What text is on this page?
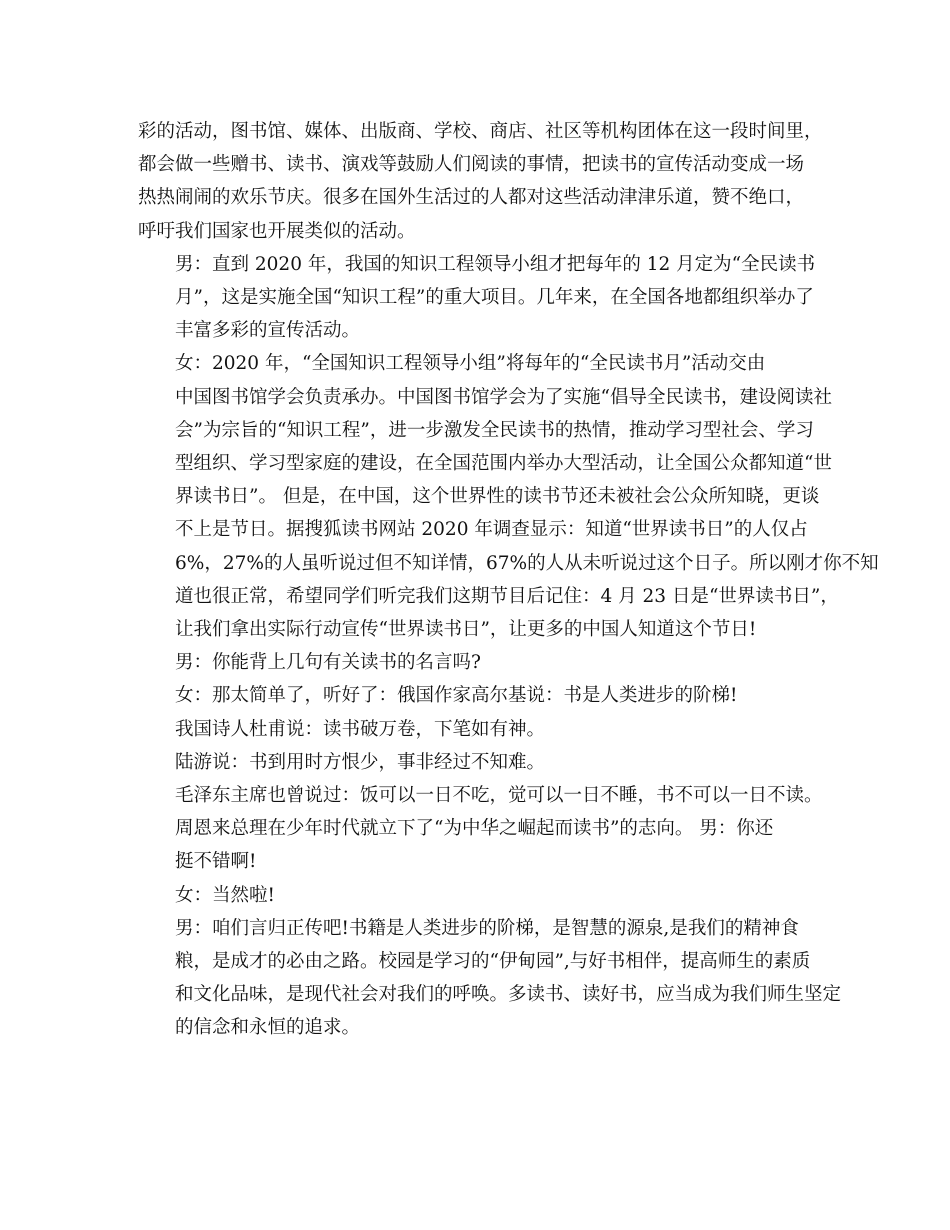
彩的活动，图书馆、媒体、出版商、学校、商店、社区等机构团体在这一段时间里，
都会做一些赠书、读书、演戏等鼓励人们阅读的事情，把读书的宣传活动变成一场
热热闹闹的欢乐节庆。很多在国外生活过的人都对这些活动津津乐道，赞不绝口，
呼吁我们国家也开展类似的活动。
男：直到 2020 年，我国的知识工程领导小组才把每年的 12 月定为“全民读书
月”，这是实施全国“知识工程”的重大项目。几年来，在全国各地都组织举办了
丰富多彩的宣传活动。
女：2020 年，“全国知识工程领导小组”将每年的“全民读书月”活动交由
中国图书馆学会负责承办。中国图书馆学会为了实施“倡导全民读书，建设阅读社
会”为宗旨的“知识工程”，进一步激发全民读书的热情，推动学习型社会、学习
型组织、学习型家庭的建设，在全国范围内举办大型活动，让全国公众都知道“世
界读书日”。 但是，在中国，这个世界性的读书节还未被社会公众所知晓，更谈
不上是节日。据搜狐读书网站 2020 年调查显示：知道“世界读书日”的人仅占
6%，27%的人虽听说过但不知详情，67%的人从未听说过这个日子。所以刚才你不知
道也很正常，希望同学们听完我们这期节目后记住：4 月 23 日是“世界读书日”，
让我们拿出实际行动宣传“世界读书日”，让更多的中国人知道这个节日!
男：你能背上几句有关读书的名言吗?
女：那太简单了，听好了：俄国作家高尔基说：书是人类进步的阶梯!
我国诗人杜甫说：读书破万卷，下笔如有神。
陆游说：书到用时方恨少，事非经过不知难。
毛泽东主席也曾说过：饭可以一日不吃，觉可以一日不睡，书不可以一日不读。
周恩来总理在少年时代就立下了“为中华之崛起而读书”的志向。 男：你还
挺不错啊!
女：当然啦!
男：咱们言归正传吧!书籍是人类进步的阶梯，是智慧的源泉,是我们的精神食
粮，是成才的必由之路。校园是学习的“伊甸园”,与好书相伴，提高师生的素质
和文化品味，是现代社会对我们的呼唤。多读书、读好书，应当成为我们师生坚定
的信念和永恒的追求。
